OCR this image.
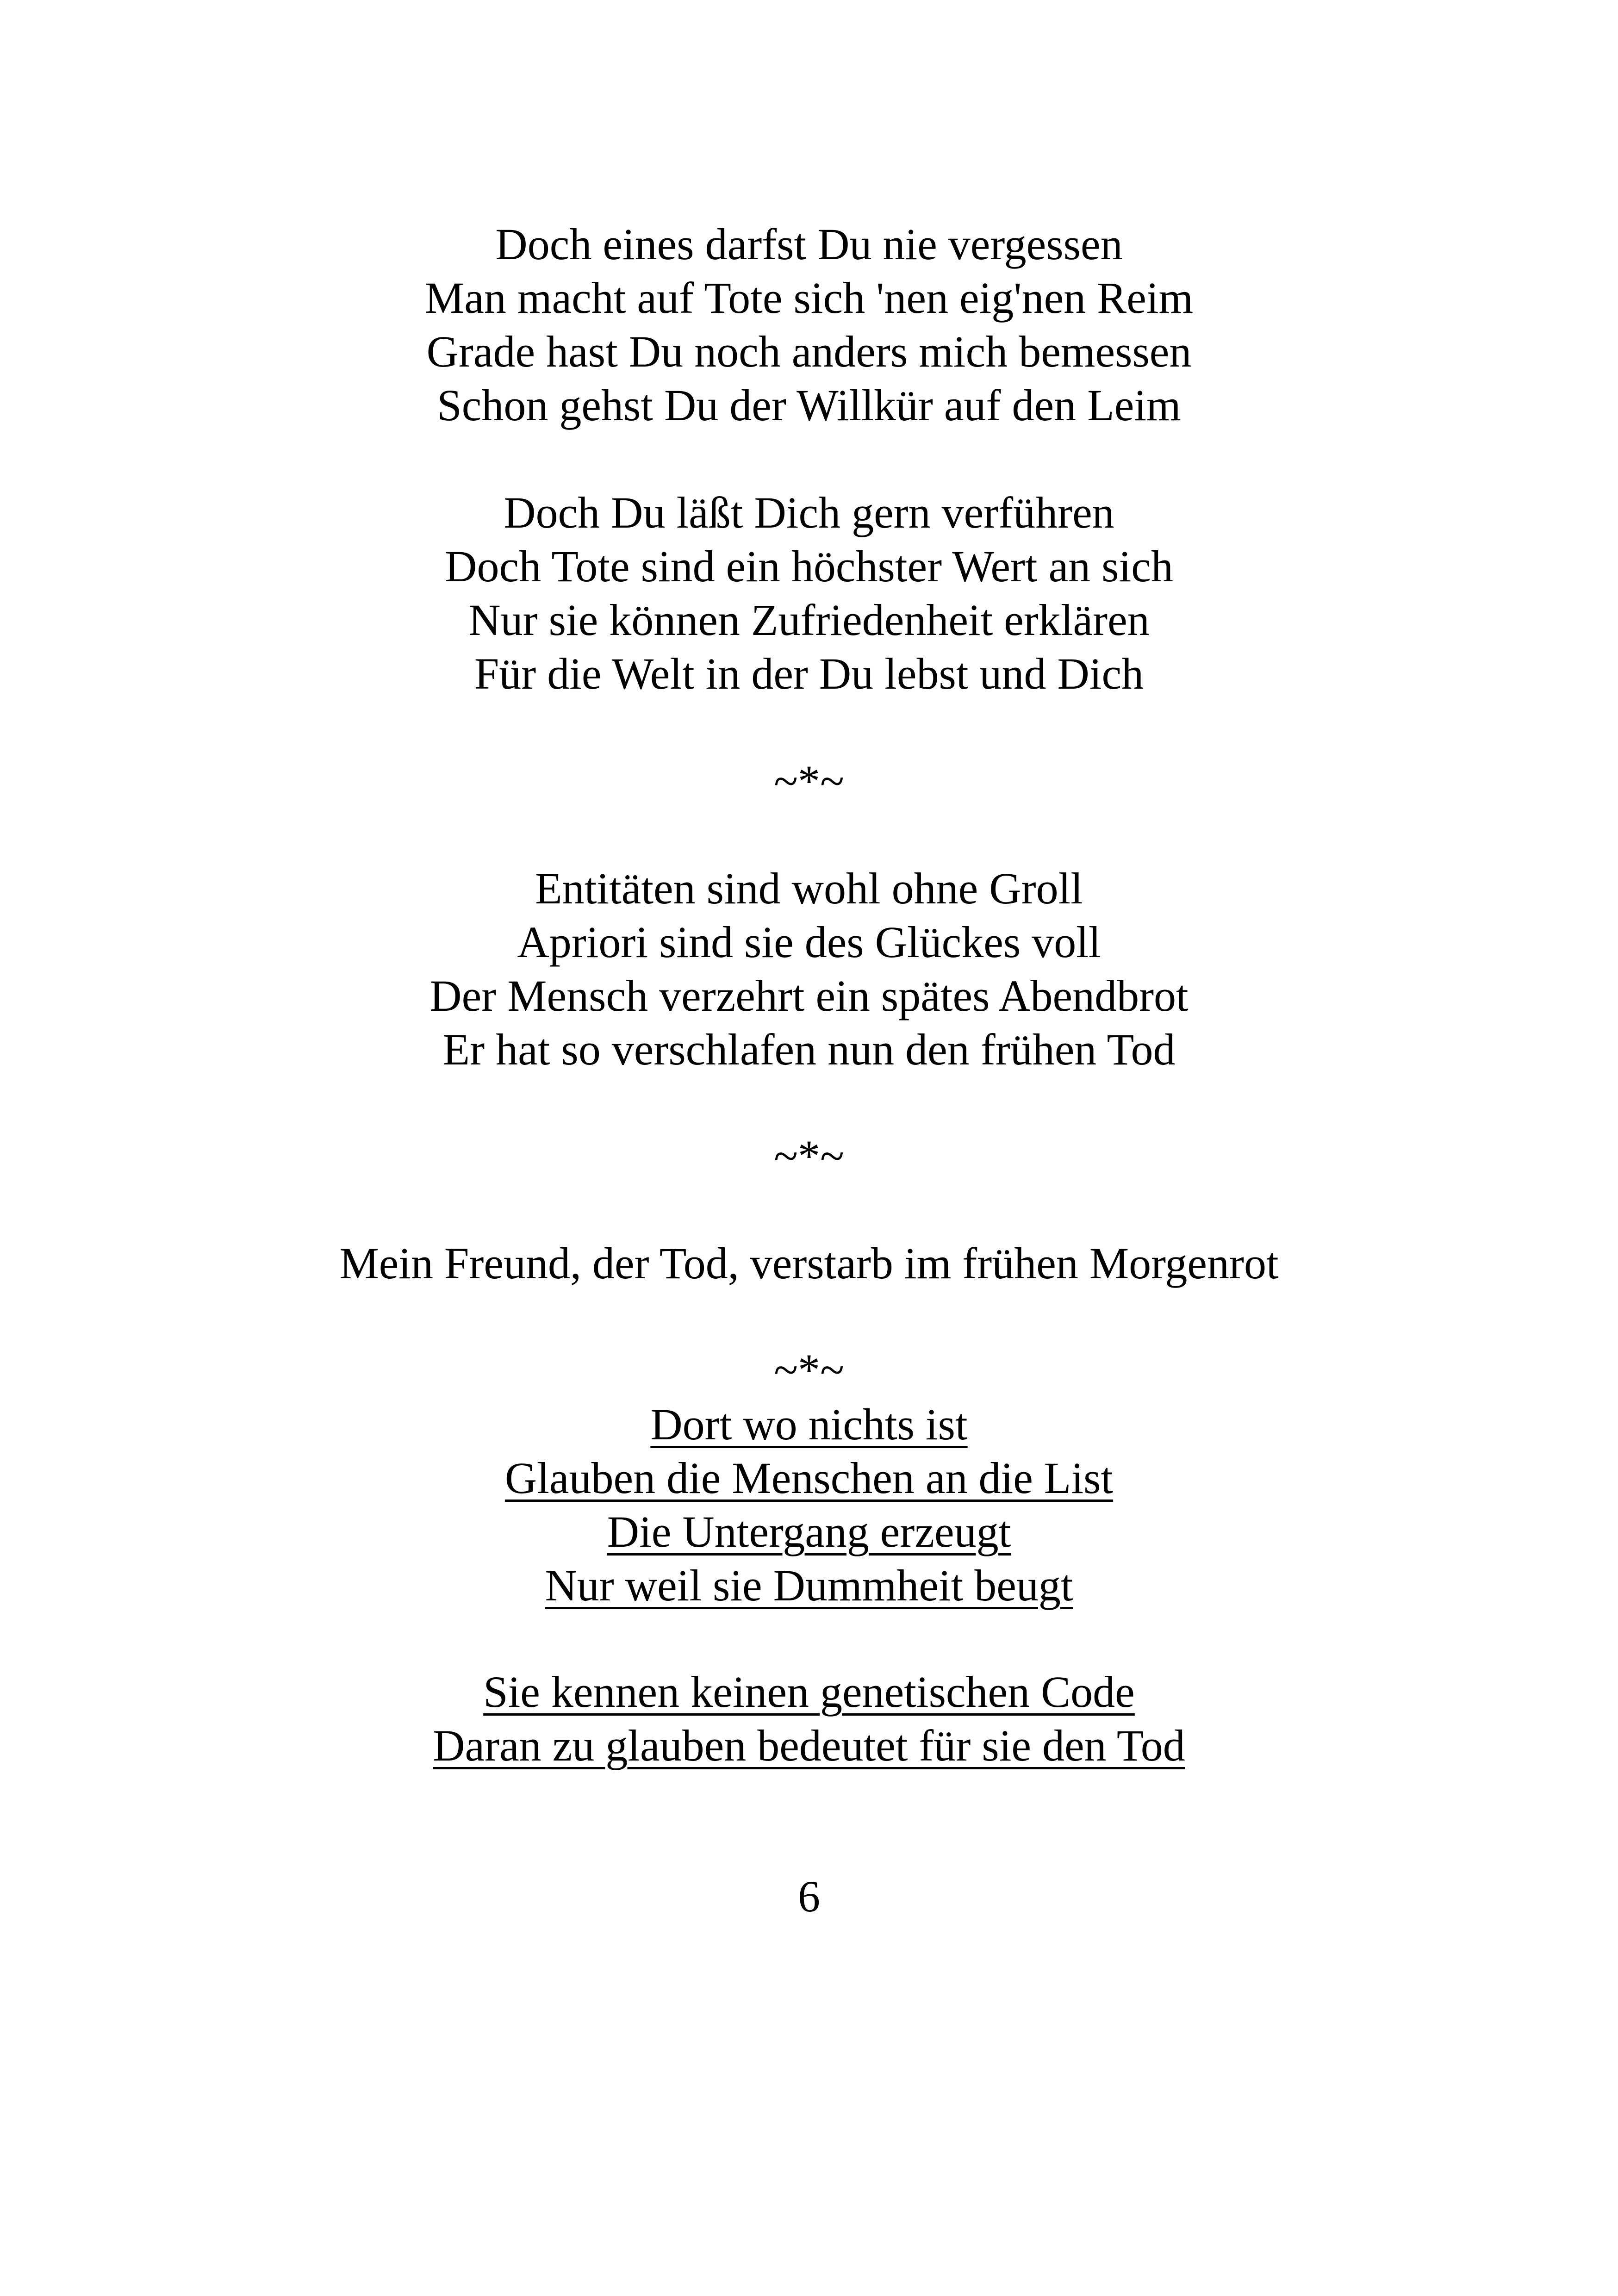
Doch eines darfst Du nie vergessen
Man macht auf Tote sich 'nen eig'nen Reim
Grade hast Du noch anders mich bemessen
Schon gehst Du der Willkür auf den Leim
Doch Du läßt Dich gern verführen
Doch Tote sind ein höchster Wert an sich
Nur sie können Zufriedenheit erklären
Für die Welt in der Du lebst und Dich
~*~
Entitäten sind wohl ohne Groll
Apriori sind sie des Glückes voll
Der Mensch verzehrt ein spätes Abendbrot
Er hat so verschlafen nun den frühen Tod
~*~
Mein Freund, der Tod, verstarb im frühen Morgenrot
~*~
Dort wo nichts ist
Glauben die Menschen an die List
Die Untergang erzeugt
Nur weil sie Dummheit beugt
Sie kennen keinen genetischen Code
Daran zu glauben bedeutet für sie den Tod
6
